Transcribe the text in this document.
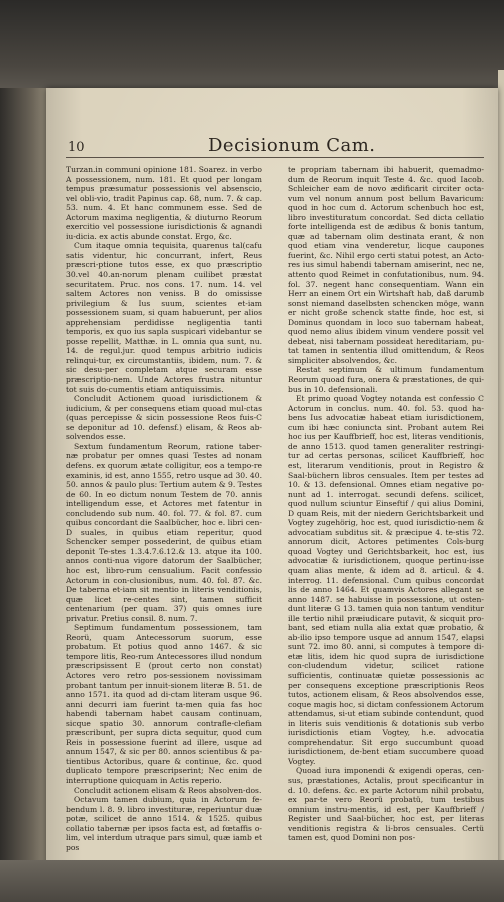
10	Decisionum Cam.

Turzan.in communi opinione 181. Soarez. in verbo A possessionem, num. 181. Et quod per longam tempus præsumatur possessionis vel absenscio, vel obli-vio, tradit Papinus cap. 68, num. 7. & cap. 53. num. 4. Et hanc communem esse. Sed de Actorum maxima negligentia, & diuturno Reorum exercitio vel possessione iurisdictionis & agnandi iu-dicia. ex actis abunde constat. Ergo, &c.

Cum itaque omnia tequisita, quarenus tal(cafu satis videntur, hic concurrant, infert, Reus præscri-ptione tutos esse, ex quo præscriptio 30.vel 40.an-norum plenam cuilibet præstat securitatem. Pruc. nos cons. 17. num. 14. vel saltem Actores non veniss. B do omississe privilegium & Ius suum, scientes et-iam possessionem suam, si quam habuerunt, per alios apprehensiam perdidisse negligentia tanti temporis, ex quo ius sapla suspicari videbantur se posse repellit, Matthæ. in L. omnia qua sunt, nu. 14. de regul.jur. quod tempus arbitrio iudicis relinqui-tur, ex circumstantiis, ibidem, num. 7. & sic desu-per completam atque securam esse præscriptio-nem. Unde Actores frustra nituntur tot suis do-cumentis etiam antiquissimis.

Concludit Actionem quoad iurisdictionem & iudicium, & per consequens etiam quoad mul-ctas (quas percepisse & sicin possessione Reos fuis-C se deponitur ad 10. defensf.) elisam, & Reos ab-solvendos esse.

Sextum fundamentum Reorum, ratione taber-næ probatur per omnes quasi Testes ad nonam defens. ex quorum ætate colligitur, eos a tempo-re examinis, id est, anno 1555, retro usque ad 30. 40. 50. annos & paulo plus: Tertium autem & 9. Testes de 60. In eo dictum nonum Testem de 70. annis intelligendum esse, et Actores met fatentur in concludendo sub num. 40. fol. 77. & fol. 87. cum quibus concordant die Saalbücher, hoc e. libri cen-D suales, in quibus etiam reperitur, quod Schencker semper possederint, de quibus etiam deponit Te-stes 1.3.4.7.6.12.& 13. atque ita 100. annos conti-nua vigore datorum der Saalbücher, hoc est, libro-rum censualium. Facit confessio Actorum in con-clusionibus, num. 40. fol. 87. &c. De taberna et-iam sit mentio in literis venditionis, quæ licet re-centes sint, tamen sufficit centenarium (per quam. 37) quis omnes iure privatur. Pretius consil. 8. num. 7.

Septimum fundamentum possessionem, tam Reorü, quam Antecessorum suorum, esse probatum. Et potius quod anno 1467. & sic tempore litis, Reo-rum Antecessores illud nondum præscripsissent E (prout certo non constat) Actores vero retro pos-sessionem novissimam probant tantum per innuit-sionem literæ B. 51. de anno 1571. ita quod ad di-ctam literam usque 96. anni decurri iam fuerint ta-men quia fas hoc habendi tabernam habet causam continuam, sicque spatio 30. annorum contrafle-clefiam præscribunt, per supra dicta sequitur, quod cum Reis in possessione fuerint ad illere, usque ad annum 1547, & sic per 80. annos scientibus & pa-tientibus Actoribus, quare & continue, &c. quod duplicato tempore præscripserint; Nec enim de interruptione quicquam in Actis reperio.

Concludit actionem elisam & Reos absolven-dos.

Octavum tamen dubium, quia in Actorum fe-bendum l. 8. 9. libro investituræ, reperiuntur duæ potæ, scilicet de anno 1514. & 1525. quibus collatio tabernæ per ipsos facta est, ad fœtaffis o-lim, vel interdum utraque pars simul, quæ iamb et pos

te propriam tabernam ibi habuerit, quemadmo-dum de Reorum inquit Teste 4. &c. quod Iacob. Schleicher eam de novo ædificarit circiter octa-vum vel nonum annum post bellum Bavaricum: quod in hoc cum d. Actorum schenbuch hoc est, libro investituratum concordat. Sed dicta cellatio forte intelligenda est de ædibus & bonis tantum, quæ ad tabernam olim destinata erant, & non quod etiam vina venderetur, licque caupones fuerint, &c. Nihil ergo certi statui potest, an Acto-res ius simul habendi tabernam amiserint, nec ne, attento quod Reimet in confutationibus, num. 94. fol. 37. negent hanc consequentiam. Wann ein Herr an einem Ort ein Wirtshaft hab, daß darumb sonst niemand daselbsten schencken möge, wann er nicht große schenck statte finde, hoc est, si Dominus quondam in loco suo tabernam habeat, quod nemo alius ibidem vinum vendere possit vel debeat, nisi tabernam possideat hereditariam, pu-tat tamen in sententia illud omittendum, & Reos simpliciter absolvendos, &c.

Restat septimum & ultimum fundamentum Reorum quoad fura, onera & præstationes, de qui-bus in 10. defensionali.

Et primo quoad Vogtey notanda est confessio C Actorum in conclus. num. 40. fol. 53. quod ha-bens Ius advocatiæ habeat etiam iurisdictionem, cum ibi hæc coniuncta sint. Probant autem Rei hoc ius per Kauffbrieff, hoc est, literas venditionis, de anno 1513. quod tamen generaliter restringi-tur ad certas personas, scilicet Kauffbrieff, hoc est, literarum venditionis, prout in Registro & Saal-büchern libros censuales. Item per testes ad 10. & 13. defensional. Omnes etiam negative po-nunt ad 1. interrogat. secundi defens. scilicet, quod nullum sciuntur Einseftif / qui alius Domini, D quam Reis, mit der niedern Gerichtsbarkeit und Vogtey zugehörig, hoc est, quod iurisdictio-nem & advocatiam subditus sit. & præcipue 4. te-stis 72. annorum dicit, Actores petimentes Cols-burg quoad Vogtey und Gerichtsbarkeit, hoc est, ius advocatiæ & iurisdictionem, quoque pertinu-isse quam alias mente, & idem ad 8. articul. & 4. interrog. 11. defensional. Cum quibus concordat lis de anno 1464. Et quamvis Actores allegant se anno 1487. se habuisse in possessione, ut osten-dunt literæ G 13. tamen quia non tantum venditur ille tertio nihil præiudicare putavit, & sicquit pro-bant, sed etiam nulla alia extat quæ probatio, & ab-ilio ipso tempore usque ad annum 1547, elapsi sunt 72. imo 80. anni, si computes à tempore di-etæ litis, idem hic quod supra de iurisdictione con-cludendum videtur, scilicet ratione sufficientis, continuatæ quietæ possessionis ac per consequens exceptione præscriptionis Reos tutos, actionem elisam, & Reos absolvendos esse, coque magis hoc, si dictam confessionem Actorum attendamus, si-ut etiam subinde contendunt, quod in literis suis venditionis & dotationis sub verbo iurisdictionis etiam Vogtey, h.e. advocatia comprehendatur. Sit ergo succumbunt quoad iurisdictionem, de-bent etiam succumbere quoad Vogtey.

Quoad iura imponendi & exigendi operas, cen-sus, præstationes, Actalis, prout specificantur in d. 10. defens. &c. ex parte Actorum nihil probatu, ex par-te vero Reorü probatü, tum testibus omnium instru-mentis, id est, per Kauffbrieff / Register und Saal-bücher, hoc est, per literas venditionis registra & li-bros censuales. Certü tamen est, quod Domini non pos-
